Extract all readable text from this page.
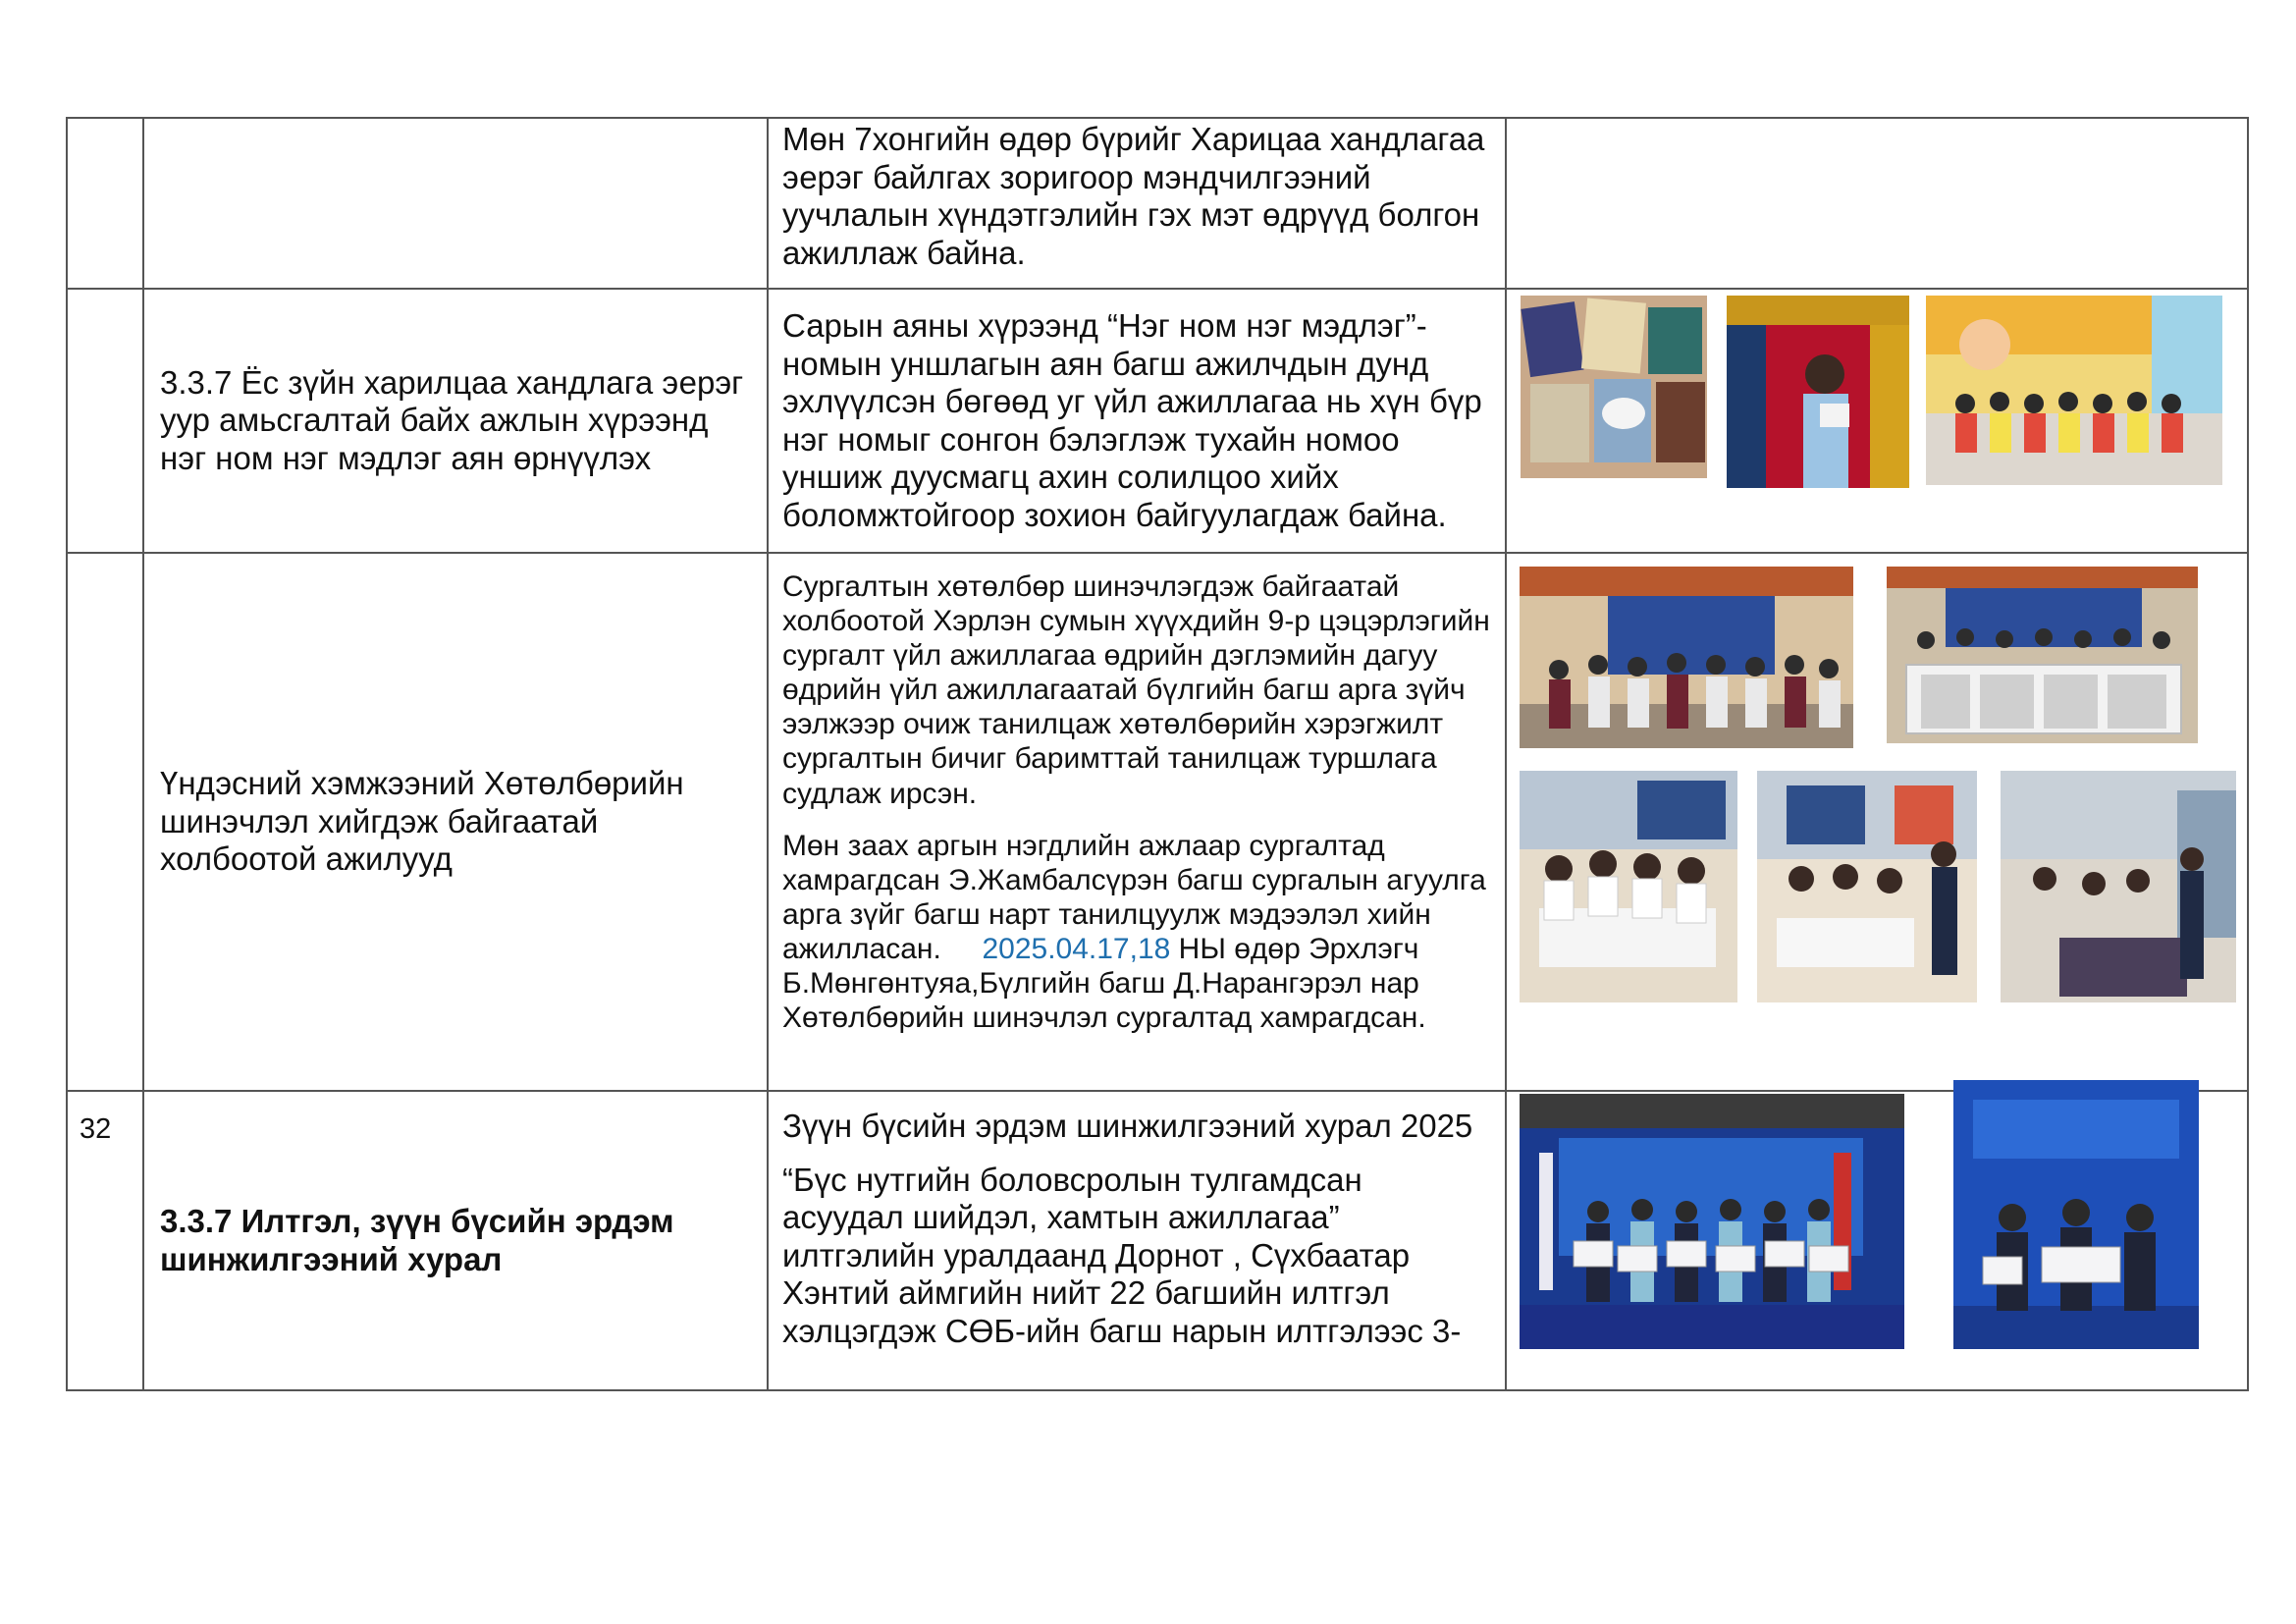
		Мөн 7хонгийн өдөр бүрийг Харицаа хандлагаа эерэг байлгах зоригоор мэндчилгээний уучлалын хүндэтгэлийн гэх мэт өдрүүд болгон ажиллаж байна.	

	3.3.7 Ёс зүйн харилцаа хандлага эерэг уур амьсгалтай байх ажлын хүрээнд нэг ном нэг мэдлэг аян өрнүүлэх	Сарын аяны хүрээнд “Нэг ном нэг мэдлэг”- номын уншлагын аян багш ажилчдын дунд эхлүүлсэн бөгөөд уг үйл ажиллагаа нь хүн бүр нэг номыг сонгон бэлэглэж тухайн номоо уншиж дуусмагц ахин солилцоо хийх боломжтойгоор зохион байгуулагдаж байна.

	Үндэсний хэмжээний Хөтөлбөрийн шинэчлэл хийгдэж байгаатай холбоотой ажилууд	Сургалтын хөтөлбөр шинэчлэгдэж байгаатай холбоотой Хэрлэн сумын хүүхдийн 9-р цэцэрлэгийн сургалт үйл ажиллагаа өдрийн дэглэмийн дагуу өдрийн үйл ажиллагаатай бүлгийн багш арга зүйч ээлжээр очиж танилцаж хөтөлбөрийн хэрэгжилт сургалтын бичиг баримттай танилцаж туршлага судлаж ирсэн.

Мөн заах аргын нэгдлийн ажлаар сургалтад хамрагдсан Э.Жамбалсүрэн багш сургалын агуулга арга зүйг багш нарт танилцуулж мэдээлэл хийн ажилласан.     2025.04.17,18 НЫ өдөр Эрхлэгч Б.Мөнгөнтуяа,Бүлгийн багш Д.Нарангэрэл нар Хөтөлбөрийн шинэчлэл сургалтад хамрагдсан.

32	3.3.7 Илтгэл, зүүн бүсийн эрдэм шинжилгээний хурал	Зүүн бүсийн эрдэм шинжилгээний хурал 2025

“Бүс нутгийн боловсролын тулгамдсан асуудал шийдэл, хамтын ажиллагаа” илтгэлийн уралдаанд Дорнот , Сүхбаатар Хэнтий аймгийн нийт 22 багшийн илтгэл хэлцэгдэж СӨБ-ийн багш нарын илтгэлээс 3-
